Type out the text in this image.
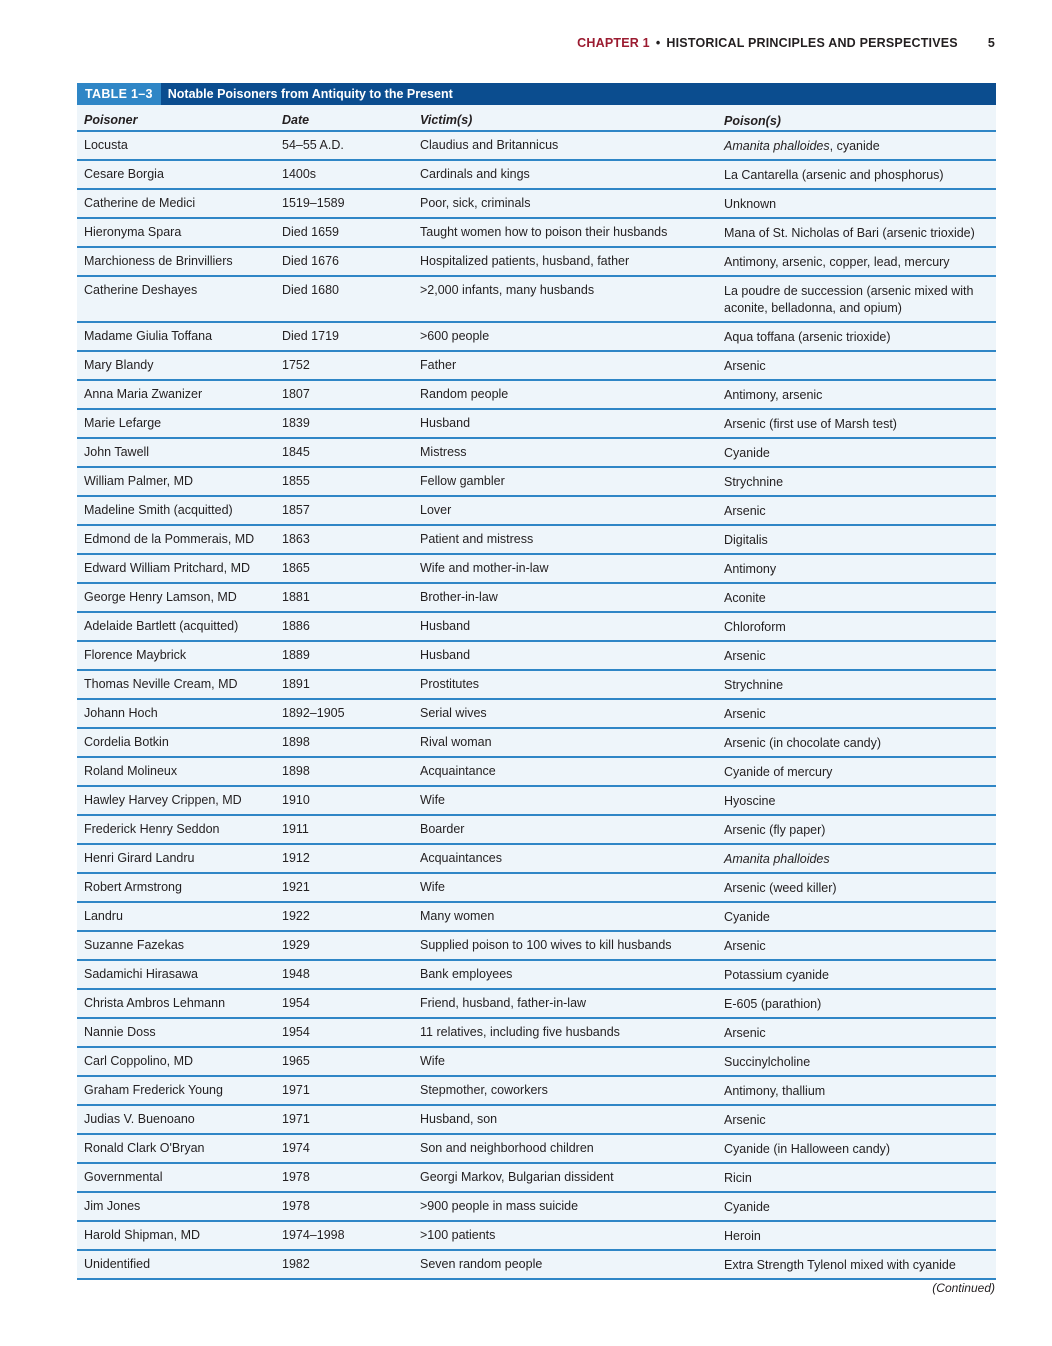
CHAPTER 1 • HISTORICAL PRINCIPLES AND PERSPECTIVES 5
TABLE 1–3	Notable Poisoners from Antiquity to the Present
Poisoner	Date	Victim(s)	Poison(s)
Locusta	54–55 A.D.	Claudius and Britannicus	Amanita phalloides, cyanide
Cesare Borgia	1400s	Cardinals and kings	La Cantarella (arsenic and phosphorus)
Catherine de Medici	1519–1589	Poor, sick, criminals	Unknown
Hieronyma Spara	Died 1659	Taught women how to poison their husbands	Mana of St. Nicholas of Bari (arsenic trioxide)
Marchioness de Brinvilliers	Died 1676	Hospitalized patients, husband, father	Antimony, arsenic, copper, lead, mercury
Catherine Deshayes	Died 1680	>2,000 infants, many husbands	La poudre de succession (arsenic mixed with aconite, belladonna, and opium)
Madame Giulia Toffana	Died 1719	>600 people	Aqua toffana (arsenic trioxide)
Mary Blandy	1752	Father	Arsenic
Anna Maria Zwanizer	1807	Random people	Antimony, arsenic
Marie Lefarge	1839	Husband	Arsenic (first use of Marsh test)
John Tawell	1845	Mistress	Cyanide
William Palmer, MD	1855	Fellow gambler	Strychnine
Madeline Smith (acquitted)	1857	Lover	Arsenic
Edmond de la Pommerais, MD	1863	Patient and mistress	Digitalis
Edward William Pritchard, MD	1865	Wife and mother-in-law	Antimony
George Henry Lamson, MD	1881	Brother-in-law	Aconite
Adelaide Bartlett (acquitted)	1886	Husband	Chloroform
Florence Maybrick	1889	Husband	Arsenic
Thomas Neville Cream, MD	1891	Prostitutes	Strychnine
Johann Hoch	1892–1905	Serial wives	Arsenic
Cordelia Botkin	1898	Rival woman	Arsenic (in chocolate candy)
Roland Molineux	1898	Acquaintance	Cyanide of mercury
Hawley Harvey Crippen, MD	1910	Wife	Hyoscine
Frederick Henry Seddon	1911	Boarder	Arsenic (fly paper)
Henri Girard Landru	1912	Acquaintances	Amanita phalloides
Robert Armstrong	1921	Wife	Arsenic (weed killer)
Landru	1922	Many women	Cyanide
Suzanne Fazekas	1929	Supplied poison to 100 wives to kill husbands	Arsenic
Sadamichi Hirasawa	1948	Bank employees	Potassium cyanide
Christa Ambros Lehmann	1954	Friend, husband, father-in-law	E-605 (parathion)
Nannie Doss	1954	11 relatives, including five husbands	Arsenic
Carl Coppolino, MD	1965	Wife	Succinylcholine
Graham Frederick Young	1971	Stepmother, coworkers	Antimony, thallium
Judias V. Buenoano	1971	Husband, son	Arsenic
Ronald Clark O'Bryan	1974	Son and neighborhood children	Cyanide (in Halloween candy)
Governmental	1978	Georgi Markov, Bulgarian dissident	Ricin
Jim Jones	1978	>900 people in mass suicide	Cyanide
Harold Shipman, MD	1974–1998	>100 patients	Heroin
Unidentified	1982	Seven random people	Extra Strength Tylenol mixed with cyanide
(Continued)
